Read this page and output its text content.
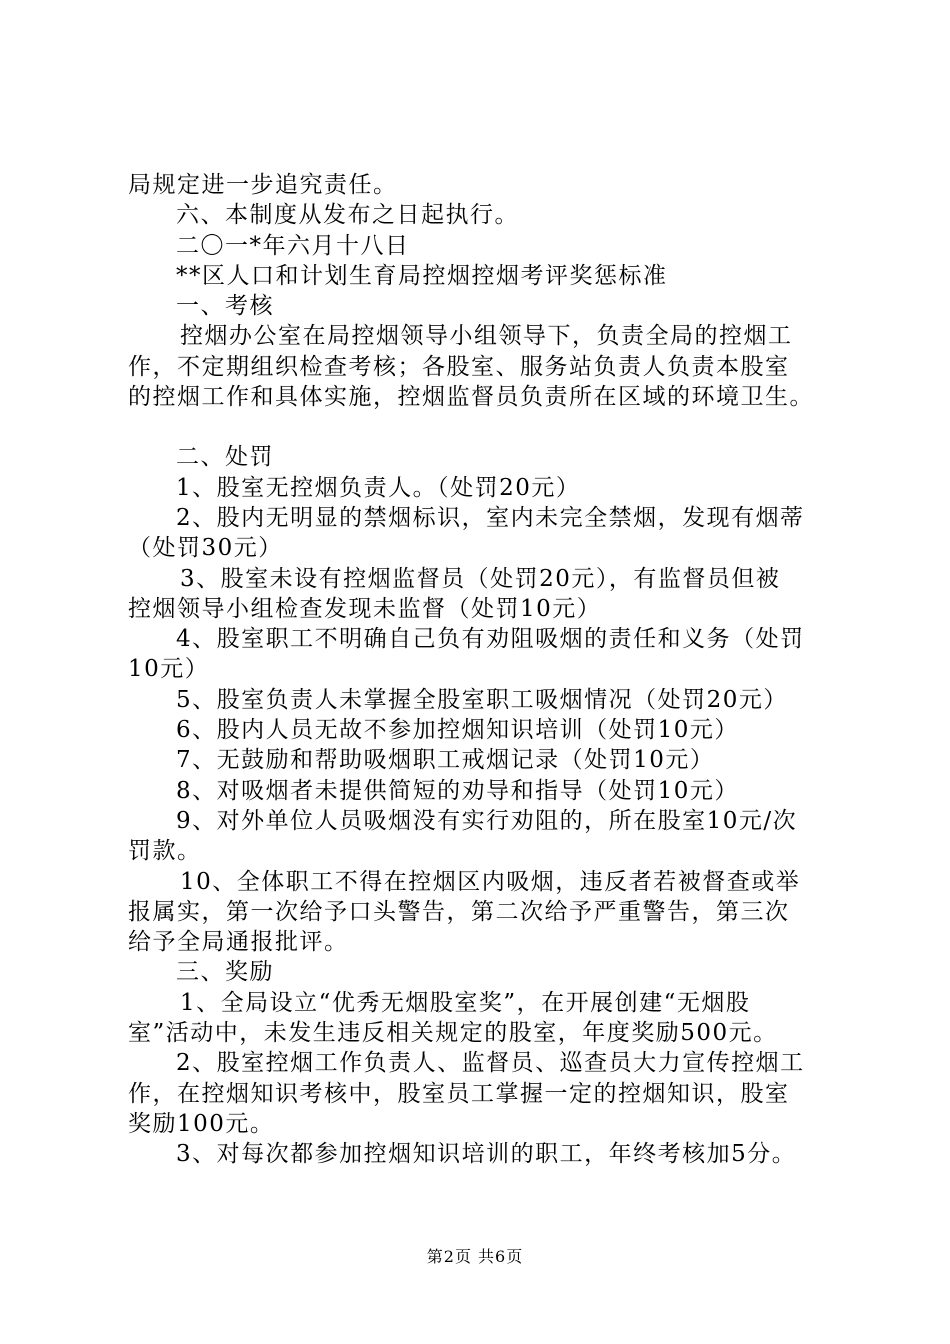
局规定进一步追究责任。

六、本制度从发布之日起执行。

二〇一*年六月十八日

**区人口和计划生育局控烟控烟考评奖惩标准

一、考核

控烟办公室在局控烟领导小组领导下，负责全局的控烟工

作，不定期组织检查考核；各股室、服务站负责人负责本股室

的控烟工作和具体实施，控烟监督员负责所在区域的环境卫生。

二、处罚

1、股室无控烟负责人。（处罚20元）

2、股内无明显的禁烟标识，室内未完全禁烟，发现有烟蒂

（处罚30元）

3、股室未设有控烟监督员（处罚20元），有监督员但被

控烟领导小组检查发现未监督（处罚10元）

4、股室职工不明确自己负有劝阻吸烟的责任和义务（处罚

10元）

5、股室负责人未掌握全股室职工吸烟情况（处罚20元）

6、股内人员无故不参加控烟知识培训（处罚10元）

7、无鼓励和帮助吸烟职工戒烟记录（处罚10元）

8、对吸烟者未提供简短的劝导和指导（处罚10元）

9、对外单位人员吸烟没有实行劝阻的，所在股室10元/次

罚款。

10、全体职工不得在控烟区内吸烟，违反者若被督查或举

报属实，第一次给予口头警告，第二次给予严重警告，第三次

给予全局通报批评。

三、奖励

1、全局设立“优秀无烟股室奖”，在开展创建“无烟股

室”活动中，未发生违反相关规定的股室，年度奖励500元。

2、股室控烟工作负责人、监督员、巡查员大力宣传控烟工

作，在控烟知识考核中，股室员工掌握一定的控烟知识，股室

奖励100元。

3、对每次都参加控烟知识培训的职工，年终考核加5分。

第2页 共6页
